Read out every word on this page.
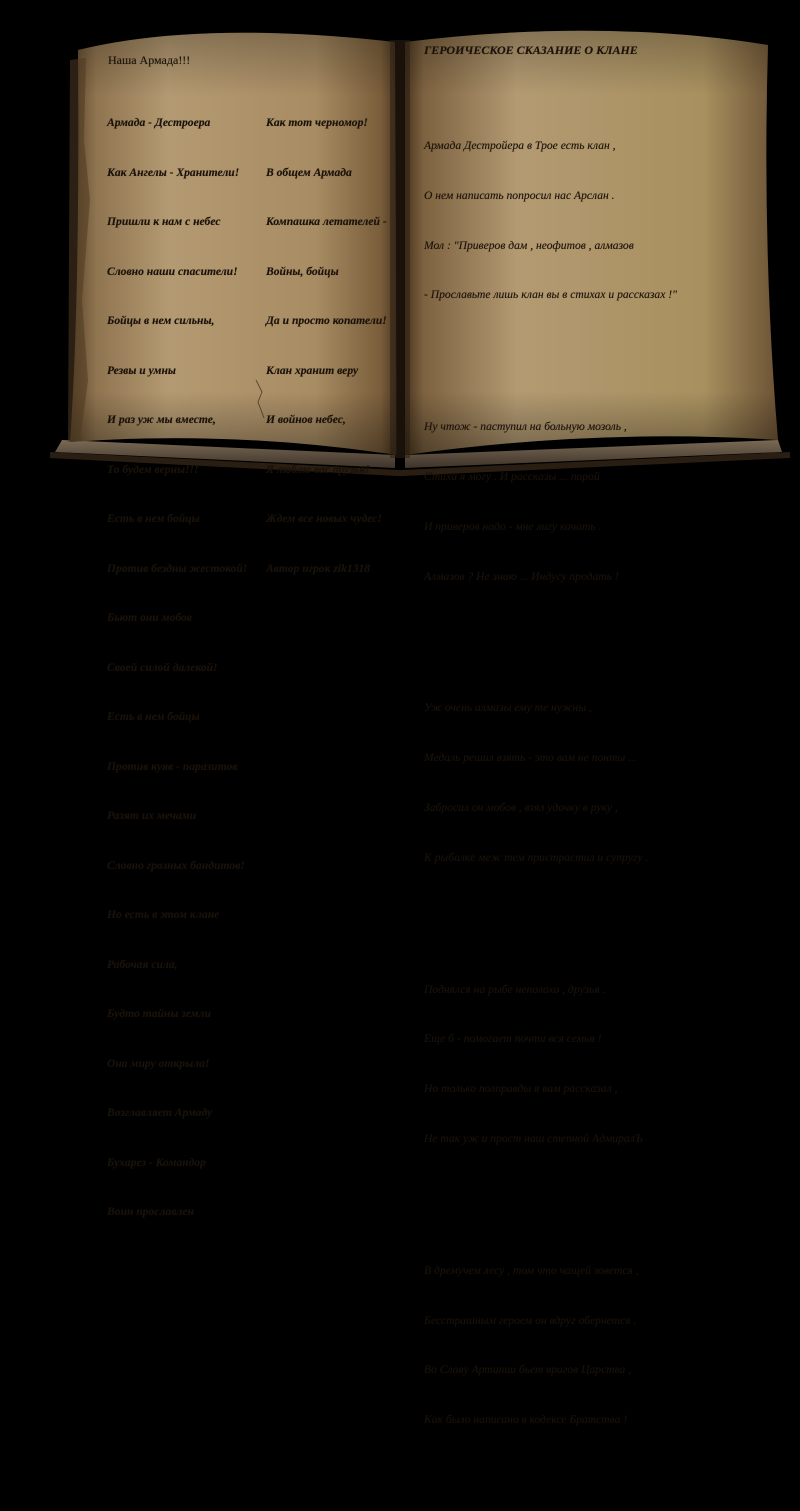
Наша Армада!!!

Армада - Дестроера

Как Ангелы - Хранители!

Пришли к нам с небес

Словно наши спасители!

Бойцы в нем сильны,

Резвы и умны

И раз уж мы вместе,

То будем верны!!!

Есть в нем бойцы

Против бездны жестокой!

Бьют они мобов

Своей силой далекой!

Есть в нем бойцы

Против куяв - паразитов

Разят их мечами

Словно грозных бандитов!

Но есть в этом клане

Рабочая сила,

Будто тайны земли

Она миру открыла!

Возглавляет Армаду

Бухарез - Командор

Воин прославлен

Как тот черномор!

В общем Армада

Компашка летателей -

Войны, бойцы

Да и просто копатели!

Клан хранит веру

И войнов небес,

Я люблю вас друзья!

Ждем все новых чудес!

Автор игрок zik1318

ГЕРОИЧЕСКОЕ СКАЗАНИЕ О КЛАНЕ

Армада Дестройера в Трое есть клан ,

О нем написать попросил нас Арслан .

Мол : "Приверов дам , неофитов , алмазов

- Прославьте лишь клан вы в стихах и рассказах !"

Ну чтож - паступил на больную мозоль ,

Стихи я могу . И рассказы ... порой

И приверов надо - мне лигу качать .

Алмазов ? Не знаю ... Индусу продать !

Уж очень алмазы ему те нужны ,

Медаль решил взять - это вам не понты ...

Забросил он мобов , взял удочку в руку ,

К рыбалке меж тем пристрастил и супругу .

Поднялся на рыбе неполохо , друзья .

Еще б - помогает почти вся семья !

Но только полправды я вам рассказал ,

Не так уж и прост наш степной АдмиралЪ

В дремучем лесу , том что чащей зовется ,

Бесстрашным героем он вдруг обернется .

Во Славу Артании бьет врагов Царства ,

Как было написано в кодексе Братства !
